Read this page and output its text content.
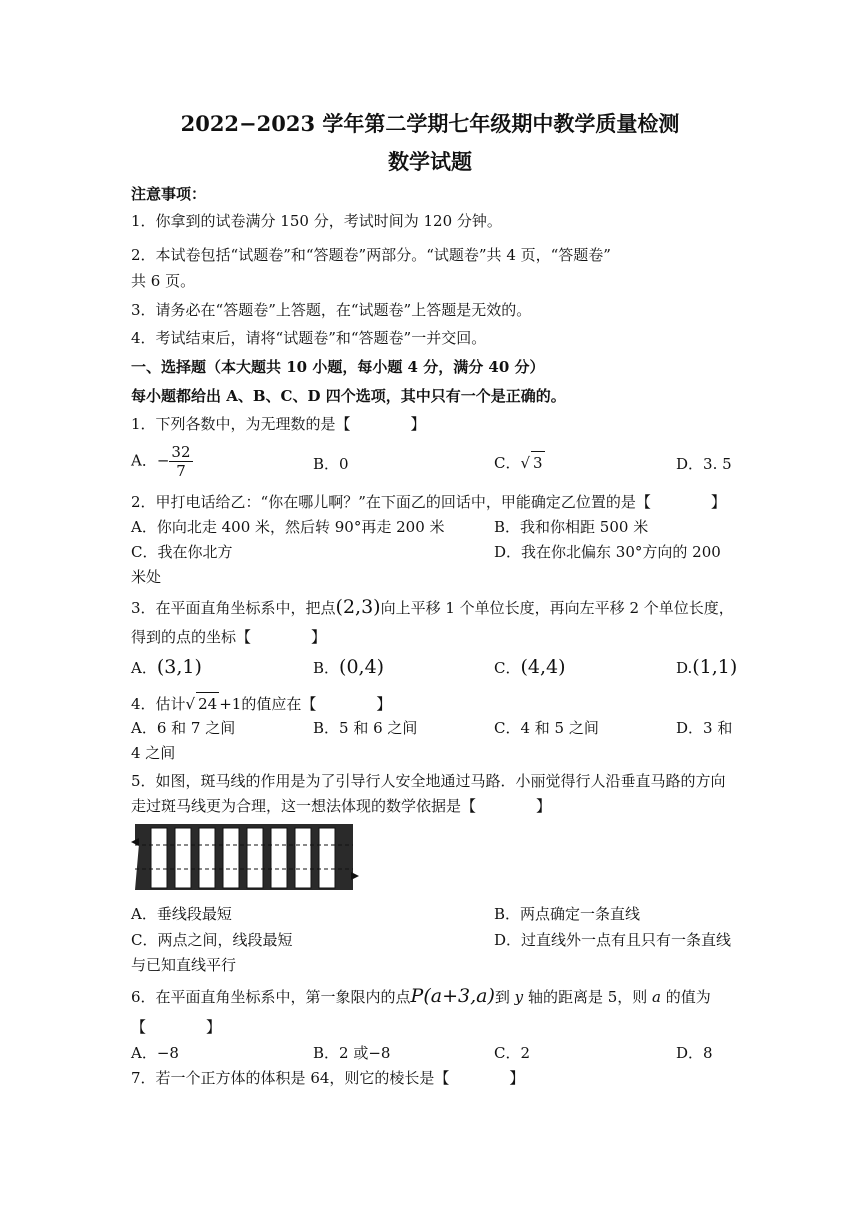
2022−2023 学年第二学期七年级期中教学质量检测
数学试题
注意事项：
1．你拿到的试卷满分 150 分，考试时间为 120 分钟。
2．本试卷包括“试题卷”和“答题卷”两部分。“试题卷”共 4 页，“答题卷”
共 6 页。
3．请务必在“答题卷”上答题，在“试题卷”上答题是无效的。
4．考试结束后，请将“试题卷”和“答题卷”一并交回。
一、选择题（本大题共 10 小题，每小题 4 分，满分 40 分）
每小题都给出 A、B、C、D 四个选项，其中只有一个是正确的。
1．下列各数中，为无理数的是【　　　　】
A．− $\frac{32}{7}$	B．0	C．√ 3	D．3. 5
2．甲打电话给乙：“你在哪儿啊？”在下面乙的回话中，甲能确定乙位置的是【　　　　】
A．你向北走 400 米，然后转 90°再走 200 米	B．我和你相距 500 米
C．我在你北方	D．我在你北偏东 30°方向的 200
米处
3．在平面直角坐标系中，把点(2,3)向上平移 1 个单位长度，再向左平移 2 个单位长度，
得到的点的坐标【　　　　】
A．(3,1)	B．(0,4)	C．(4,4)	D.(1,1)
4．估计√ 24 +1的值应在【　　　　】
A．6 和 7 之间	B．5 和 6 之间	C．4 和 5 之间	D．3 和
4 之间
5．如图，斑马线的作用是为了引导行人安全地通过马路．小丽觉得行人沿垂直马路的方向
走过斑马线更为合理，这一想法体现的数学依据是【　　　　】
A．垂线段最短	B．两点确定一条直线
C．两点之间，线段最短	D．过直线外一点有且只有一条直线
与已知直线平行
6．在平面直角坐标系中，第一象限内的点P(a+3,a)到 y 轴的距离是 5，则 a 的值为
【　　　　】
A．−8	B．2 或−8	C．2	D．8
7．若一个正方体的体积是 64，则它的棱长是【　　　　】
